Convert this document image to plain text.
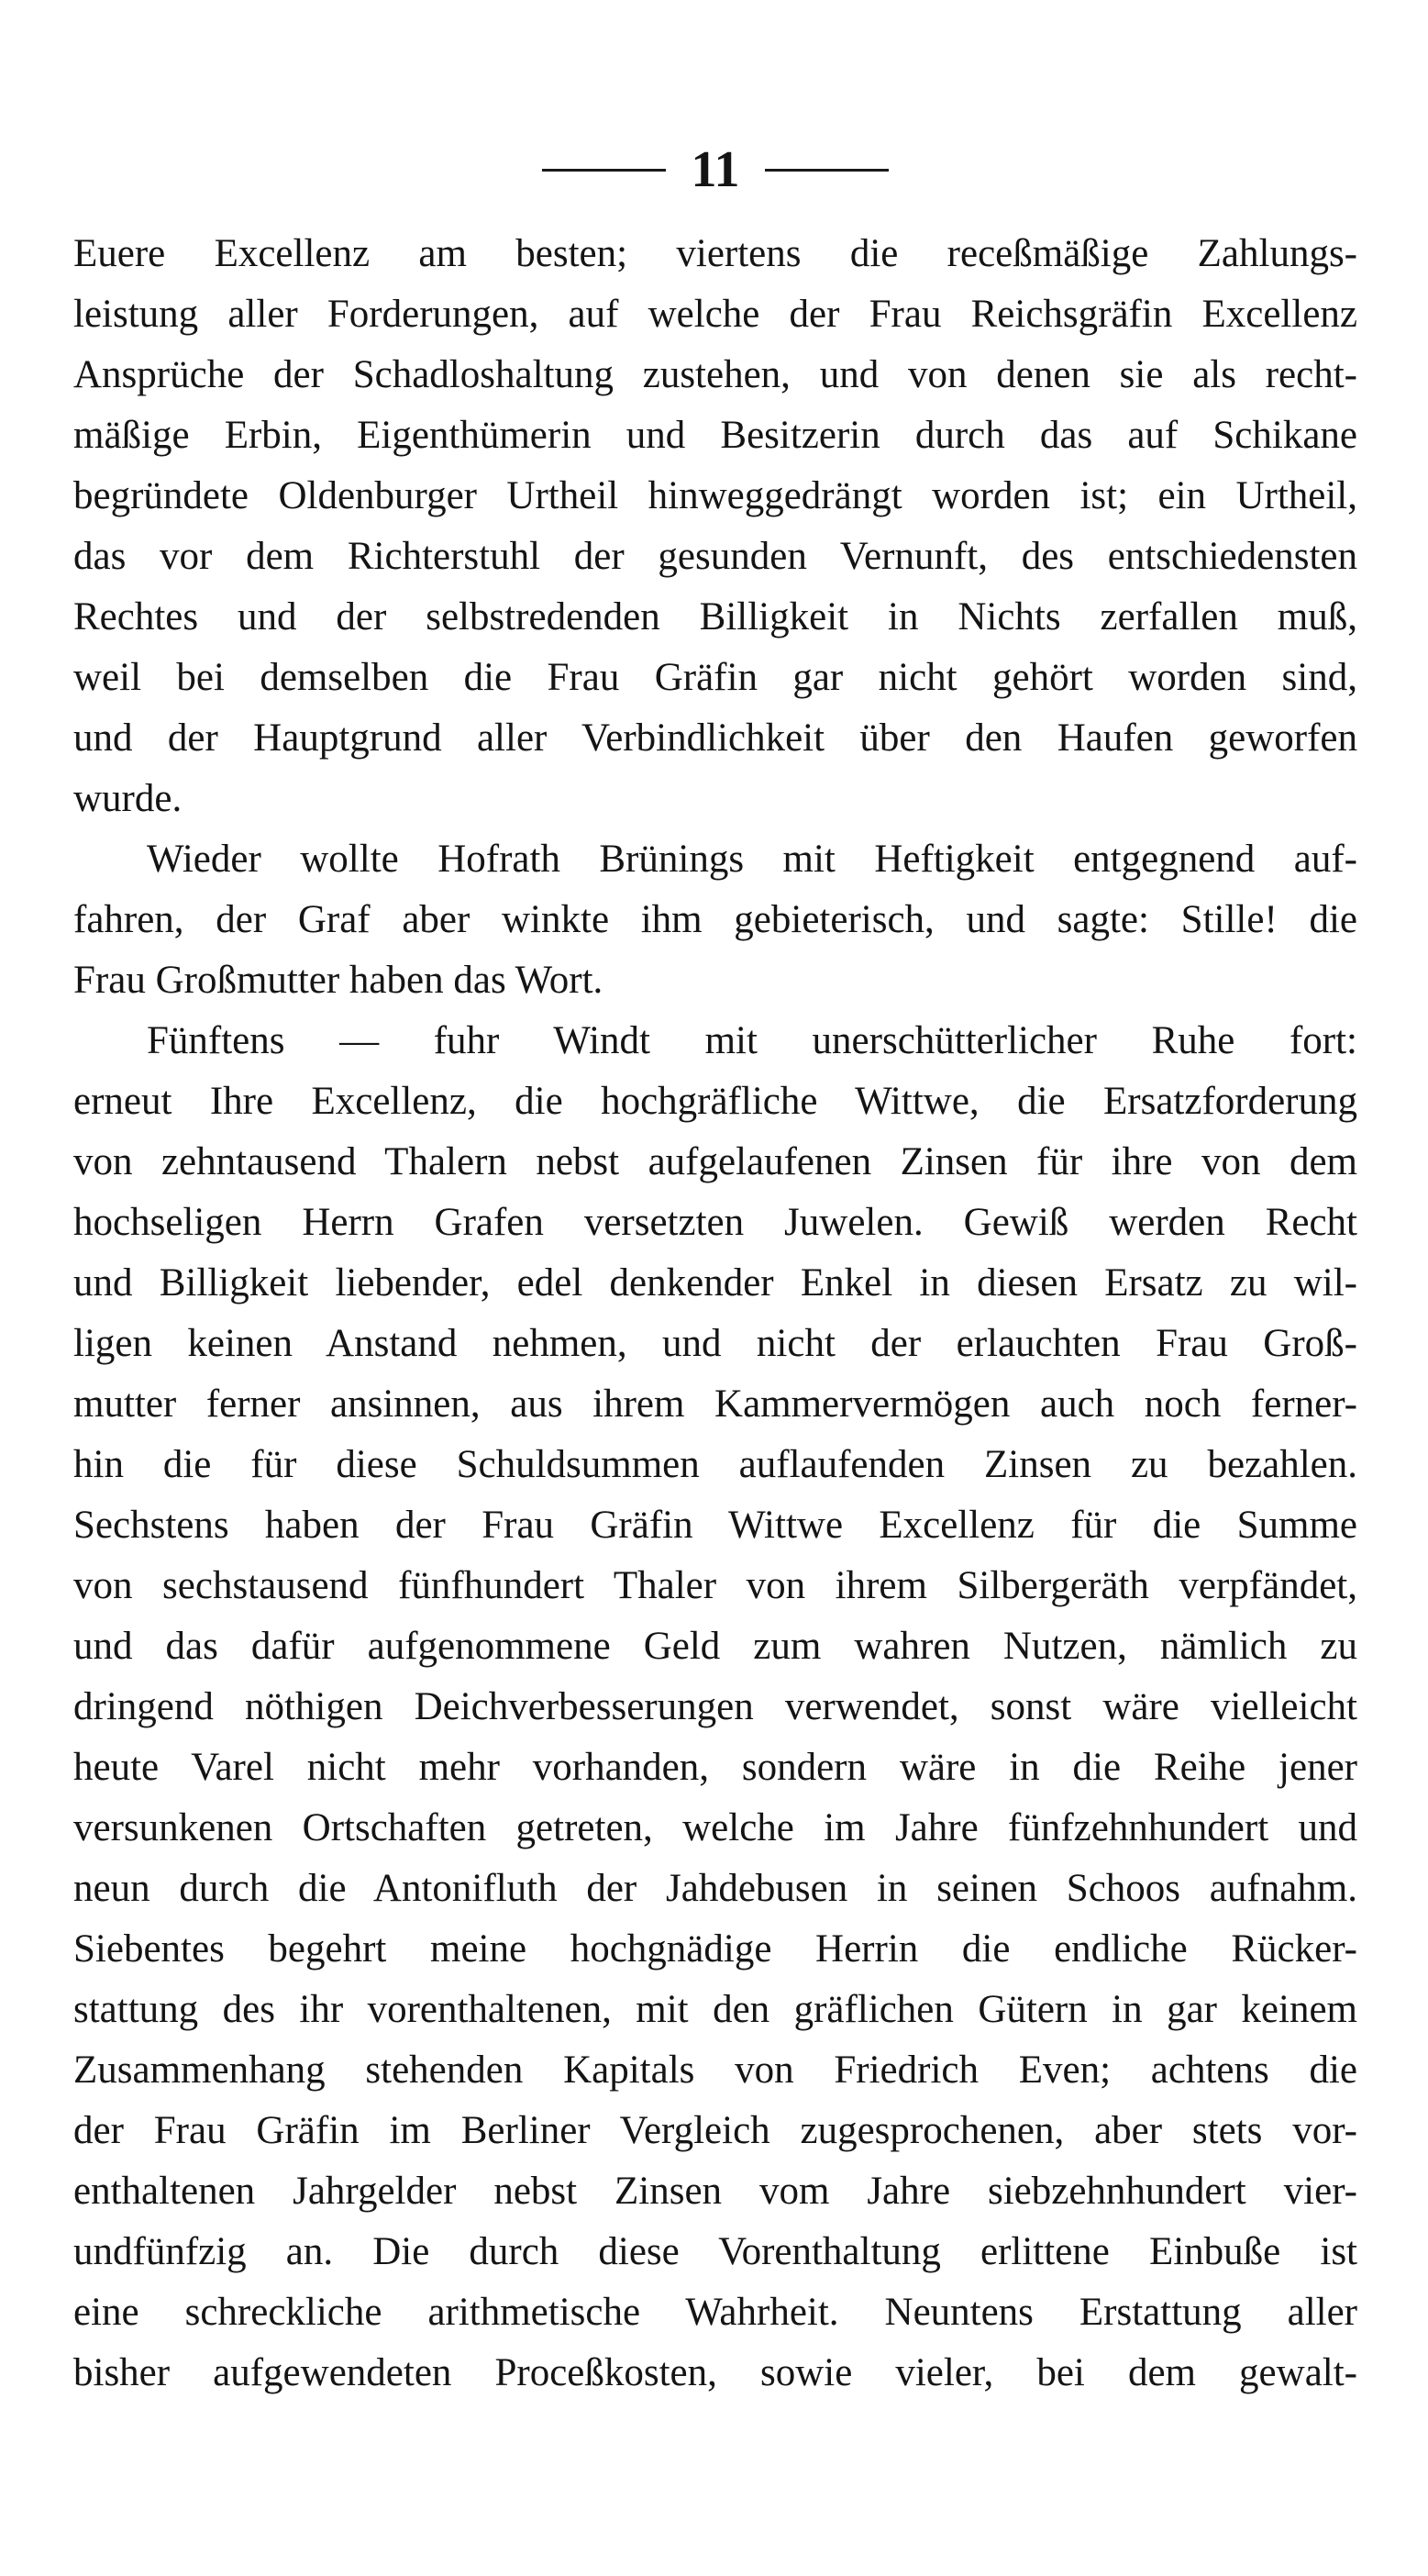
11
Euere Excellenz am besten; viertens die receßmäßige Zahlungs-
leistung aller Forderungen, auf welche der Frau Reichsgräfin Excellenz
Ansprüche der Schadloshaltung zustehen, und von denen sie als recht-
mäßige Erbin, Eigenthümerin und Besitzerin durch das auf Schikane
begründete Oldenburger Urtheil hinweggedrängt worden ist; ein Urtheil,
das vor dem Richterstuhl der gesunden Vernunft, des entschiedensten
Rechtes und der selbstredenden Billigkeit in Nichts zerfallen muß,
weil bei demselben die Frau Gräfin gar nicht gehört worden sind,
und der Hauptgrund aller Verbindlichkeit über den Haufen geworfen
wurde.
Wieder wollte Hofrath Brünings mit Heftigkeit entgegnend auf-
fahren, der Graf aber winkte ihm gebieterisch, und sagte: Stille! die
Frau Großmutter haben das Wort.
Fünftens — fuhr Windt mit unerschütterlicher Ruhe fort:
erneut Ihre Excellenz, die hochgräfliche Wittwe, die Ersatzforderung
von zehntausend Thalern nebst aufgelaufenen Zinsen für ihre von dem
hochseligen Herrn Grafen versetzten Juwelen. Gewiß werden Recht
und Billigkeit liebender, edel denkender Enkel in diesen Ersatz zu wil-
ligen keinen Anstand nehmen, und nicht der erlauchten Frau Groß-
mutter ferner ansinnen, aus ihrem Kammervermögen auch noch ferner-
hin die für diese Schuldsummen auflaufenden Zinsen zu bezahlen.
Sechstens haben der Frau Gräfin Wittwe Excellenz für die Summe
von sechstausend fünfhundert Thaler von ihrem Silbergeräth verpfändet,
und das dafür aufgenommene Geld zum wahren Nutzen, nämlich zu
dringend nöthigen Deichverbesserungen verwendet, sonst wäre vielleicht
heute Varel nicht mehr vorhanden, sondern wäre in die Reihe jener
versunkenen Ortschaften getreten, welche im Jahre fünfzehnhundert und
neun durch die Antonifluth der Jahdebusen in seinen Schoos aufnahm.
Siebentes begehrt meine hochgnädige Herrin die endliche Rücker-
stattung des ihr vorenthaltenen, mit den gräflichen Gütern in gar keinem
Zusammenhang stehenden Kapitals von Friedrich Even; achtens die
der Frau Gräfin im Berliner Vergleich zugesprochenen, aber stets vor-
enthaltenen Jahrgelder nebst Zinsen vom Jahre siebzehnhundert vier-
undfünfzig an. Die durch diese Vorenthaltung erlittene Einbuße ist
eine schreckliche arithmetische Wahrheit. Neuntens Erstattung aller
bisher aufgewendeten Proceßkosten, sowie vieler, bei dem gewalt-
